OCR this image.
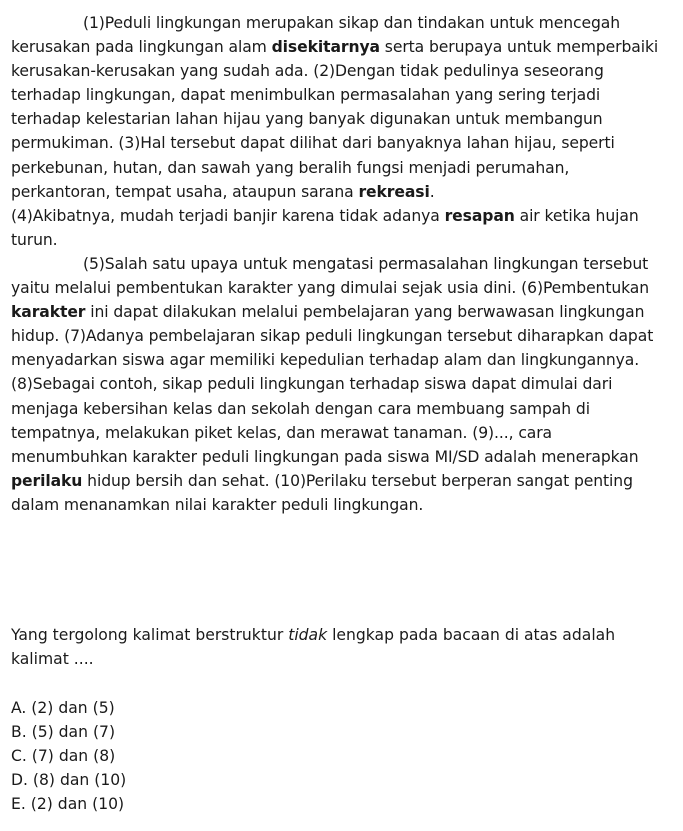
(1)Peduli lingkungan merupakan sikap dan tindakan untuk mencegah kerusakan pada lingkungan alam disekitarnya serta berupaya untuk memperbaiki kerusakan-kerusakan yang sudah ada. (2)Dengan tidak pedulinya seseorang terhadap lingkungan, dapat menimbulkan permasalahan yang sering terjadi terhadap kelestarian lahan hijau yang banyak digunakan untuk membangun permukiman. (3)Hal tersebut dapat dilihat dari banyaknya lahan hijau, seperti perkebunan, hutan, dan sawah yang beralih fungsi menjadi perumahan, perkantoran, tempat usaha, ataupun sarana rekreasi.

(4)Akibatnya, mudah terjadi banjir karena tidak adanya resapan air ketika hujan turun.

(5)Salah satu upaya untuk mengatasi permasalahan lingkungan tersebut yaitu melalui pembentukan karakter yang dimulai sejak usia dini. (6)Pembentukan karakter ini dapat dilakukan melalui pembelajaran yang berwawasan lingkungan hidup. (7)Adanya pembelajaran sikap peduli lingkungan tersebut diharapkan dapat menyadarkan siswa agar memiliki kepedulian terhadap alam dan lingkungannya. (8)Sebagai contoh, sikap peduli lingkungan terhadap siswa dapat dimulai dari menjaga kebersihan kelas dan sekolah dengan cara membuang sampah di tempatnya, melakukan piket kelas, dan merawat tanaman. (9)..., cara menumbuhkan karakter peduli lingkungan pada siswa MI/SD adalah menerapkan perilaku hidup bersih dan sehat. (10)Perilaku tersebut berperan sangat penting dalam menanamkan nilai karakter peduli lingkungan.

Yang tergolong kalimat berstruktur tidak lengkap pada bacaan di atas adalah kalimat ....

A. (2) dan (5)
B. (5) dan (7)
C. (7) dan (8)
D. (8) dan (10)
E. (2) dan (10)
